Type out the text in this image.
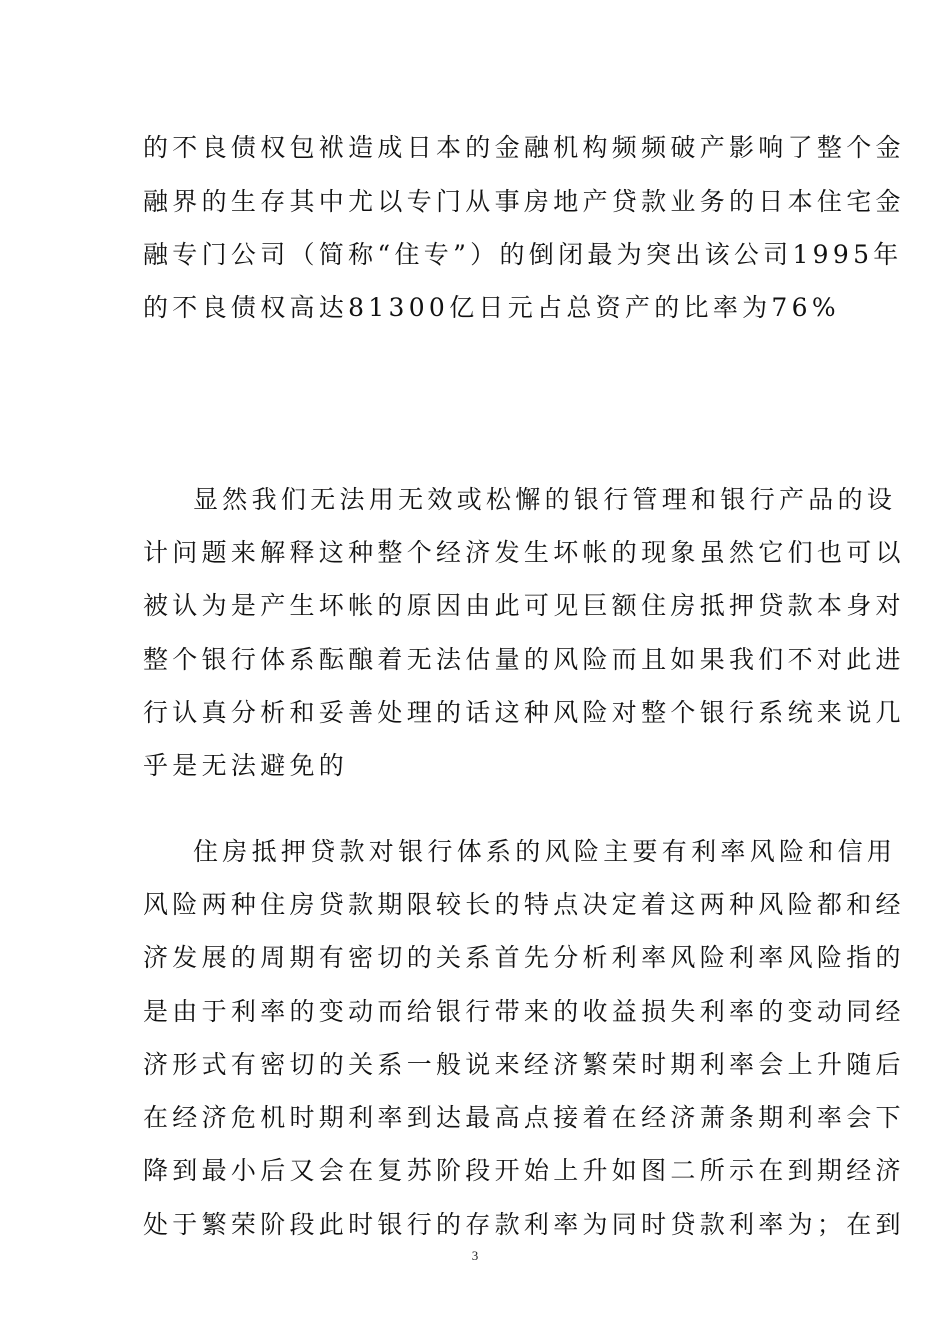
的不良债权包袱造成日本的金融机构频频破产影响了整个金
融界的生存其中尤以专门从事房地产贷款业务的日本住宅金
融专门公司（简称“住专”）的倒闭最为突出该公司1995年
的不良债权高达81300亿日元占总资产的比率为76%
显然我们无法用无效或松懈的银行管理和银行产品的设
计问题来解释这种整个经济发生坏帐的现象虽然它们也可以
被认为是产生坏帐的原因由此可见巨额住房抵押贷款本身对
整个银行体系酝酿着无法估量的风险而且如果我们不对此进
行认真分析和妥善处理的话这种风险对整个银行系统来说几
乎是无法避免的
住房抵押贷款对银行体系的风险主要有利率风险和信用
风险两种住房贷款期限较长的特点决定着这两种风险都和经
济发展的周期有密切的关系首先分析利率风险利率风险指的
是由于利率的变动而给银行带来的收益损失利率的变动同经
济形式有密切的关系一般说来经济繁荣时期利率会上升随后
在经济危机时期利率到达最高点接着在经济萧条期利率会下
降到最小后又会在复苏阶段开始上升如图二所示在到期经济
处于繁荣阶段此时银行的存款利率为同时贷款利率为；在到
3
